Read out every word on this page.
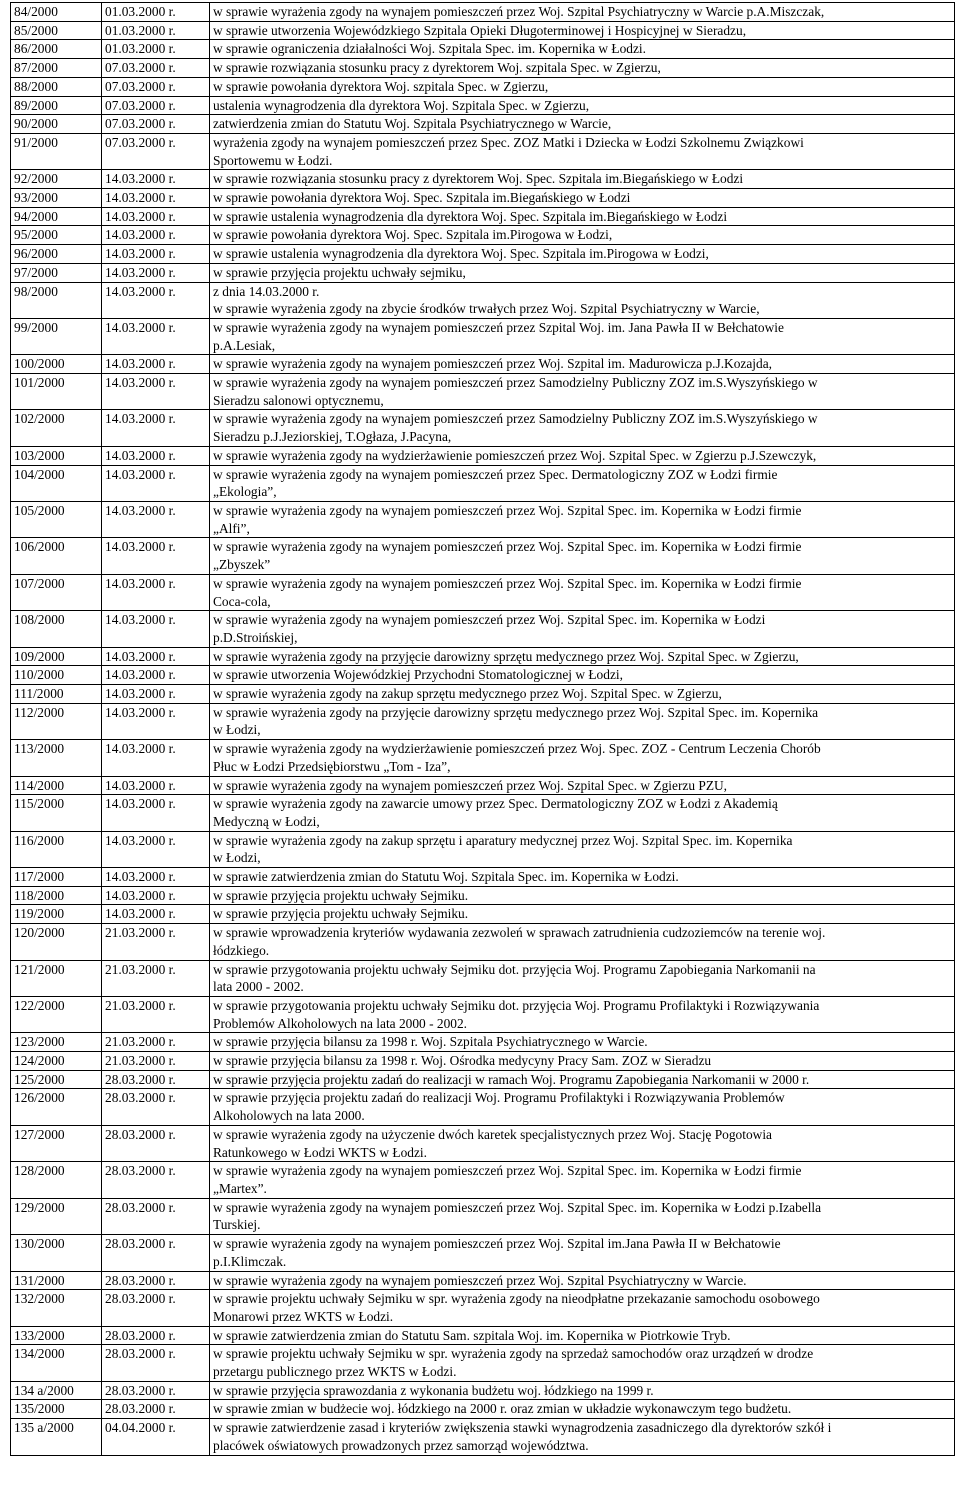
84/2000	01.03.2000 r.	w sprawie wyrażenia zgody na wynajem pomieszczeń przez Woj. Szpital Psychiatryczny w Warcie p.A.Miszczak,

85/2000	01.03.2000 r.	w sprawie utworzenia Wojewódzkiego Szpitala Opieki Długoterminowej i Hospicyjnej w Sieradzu,

86/2000	01.03.2000 r.	w sprawie ograniczenia działalności Woj. Szpitala Spec. im. Kopernika w Łodzi.

87/2000	07.03.2000 r.	w sprawie rozwiązania stosunku pracy z dyrektorem Woj. szpitala Spec. w Zgierzu,

88/2000	07.03.2000 r.	w sprawie powołania dyrektora Woj. szpitala Spec. w Zgierzu,

89/2000	07.03.2000 r.	ustalenia wynagrodzenia dla dyrektora Woj. Szpitala Spec. w Zgierzu,

90/2000	07.03.2000 r.	zatwierdzenia zmian do Statutu Woj. Szpitala Psychiatrycznego w Warcie,

91/2000	07.03.2000 r.	wyrażenia zgody na wynajem pomieszczeń przez Spec. ZOZ Matki i Dziecka w Łodzi Szkolnemu Związkowi
Sportowemu w Łodzi.

92/2000	14.03.2000 r.	w sprawie rozwiązania stosunku pracy z dyrektorem Woj. Spec. Szpitala im.Biegańskiego w Łodzi

93/2000	14.03.2000 r.	w sprawie powołania dyrektora Woj. Spec. Szpitala im.Biegańskiego w Łodzi

94/2000	14.03.2000 r.	w sprawie ustalenia wynagrodzenia dla dyrektora Woj. Spec. Szpitala im.Biegańskiego w Łodzi

95/2000	14.03.2000 r.	w sprawie powołania dyrektora Woj. Spec. Szpitala im.Pirogowa w Łodzi,

96/2000	14.03.2000 r.	w sprawie ustalenia wynagrodzenia dla dyrektora Woj. Spec. Szpitala im.Pirogowa w Łodzi,

97/2000	14.03.2000 r.	w sprawie przyjęcia projektu uchwały sejmiku,

98/2000	14.03.2000 r.	z dnia 14.03.2000 r.
w sprawie wyrażenia zgody na zbycie środków trwałych przez Woj. Szpital Psychiatryczny w Warcie,

99/2000	14.03.2000 r.	w sprawie wyrażenia zgody na wynajem pomieszczeń przez Szpital Woj. im. Jana Pawła II w Bełchatowie
p.A.Lesiak,

100/2000	14.03.2000 r.	w sprawie wyrażenia zgody na wynajem pomieszczeń przez Woj. Szpital im. Madurowicza p.J.Kozajda,

101/2000	14.03.2000 r.	w sprawie wyrażenia zgody na wynajem pomieszczeń przez Samodzielny Publiczny ZOZ im.S.Wyszyńskiego w
Sieradzu salonowi optycznemu,

102/2000	14.03.2000 r.	w sprawie wyrażenia zgody na wynajem pomieszczeń przez Samodzielny Publiczny ZOZ im.S.Wyszyńskiego w
Sieradzu p.J.Jeziorskiej, T.Ogłaza, J.Pacyna,

103/2000	14.03.2000 r.	w sprawie wyrażenia zgody na wydzierżawienie pomieszczeń przez Woj. Szpital Spec. w Zgierzu p.J.Szewczyk,

104/2000	14.03.2000 r.	w sprawie wyrażenia zgody na wynajem pomieszczeń przez Spec. Dermatologiczny ZOZ w Łodzi firmie
„Ekologia”,

105/2000	14.03.2000 r.	w sprawie wyrażenia zgody na wynajem pomieszczeń przez Woj. Szpital Spec. im. Kopernika w Łodzi firmie
„Alfi”,

106/2000	14.03.2000 r.	w sprawie wyrażenia zgody na wynajem pomieszczeń przez Woj. Szpital Spec. im. Kopernika w Łodzi firmie
„Zbyszek”

107/2000	14.03.2000 r.	w sprawie wyrażenia zgody na wynajem pomieszczeń przez Woj. Szpital Spec. im. Kopernika w Łodzi firmie
Coca-cola,

108/2000	14.03.2000 r.	w sprawie wyrażenia zgody na wynajem pomieszczeń przez Woj. Szpital Spec. im. Kopernika w Łodzi
p.D.Stroińskiej,

109/2000	14.03.2000 r.	w sprawie wyrażenia zgody na przyjęcie darowizny sprzętu medycznego przez Woj. Szpital Spec. w Zgierzu,

110/2000	14.03.2000 r.	w sprawie utworzenia Wojewódzkiej Przychodni Stomatologicznej w Łodzi,

111/2000	14.03.2000 r.	w sprawie wyrażenia zgody na zakup sprzętu medycznego przez Woj. Szpital Spec. w Zgierzu,

112/2000	14.03.2000 r.	w sprawie wyrażenia zgody na przyjęcie darowizny sprzętu medycznego przez Woj. Szpital Spec. im. Kopernika
w Łodzi,

113/2000	14.03.2000 r.	w sprawie wyrażenia zgody na wydzierżawienie pomieszczeń przez Woj. Spec. ZOZ - Centrum Leczenia Chorób
Płuc w Łodzi Przedsiębiorstwu „Tom - Iza”,

114/2000	14.03.2000 r.	w sprawie wyrażenia zgody na wynajem pomieszczeń przez Woj. Szpital Spec. w Zgierzu PZU,

115/2000	14.03.2000 r.	w sprawie wyrażenia zgody na zawarcie umowy przez Spec. Dermatologiczny ZOZ w Łodzi z Akademią
Medyczną w Łodzi,

116/2000	14.03.2000 r.	w sprawie wyrażenia zgody na zakup sprzętu i aparatury medycznej przez Woj. Szpital Spec. im. Kopernika
w Łodzi,

117/2000	14.03.2000 r.	w sprawie zatwierdzenia zmian do Statutu Woj. Szpitala Spec. im. Kopernika w Łodzi.

118/2000	14.03.2000 r.	w sprawie przyjęcia projektu uchwały Sejmiku.

119/2000	14.03.2000 r.	w sprawie przyjęcia projektu uchwały Sejmiku.

120/2000	21.03.2000 r.	w sprawie wprowadzenia kryteriów wydawania zezwoleń w sprawach zatrudnienia cudzoziemców na terenie woj.
łódzkiego.

121/2000	21.03.2000 r.	w sprawie przygotowania projektu uchwały Sejmiku dot. przyjęcia Woj. Programu Zapobiegania Narkomanii na
lata 2000 - 2002.

122/2000	21.03.2000 r.	w sprawie przygotowania projektu uchwały Sejmiku dot. przyjęcia Woj. Programu Profilaktyki i Rozwiązywania
Problemów Alkoholowych na lata 2000 - 2002.

123/2000	21.03.2000 r.	w sprawie przyjęcia bilansu za 1998 r. Woj. Szpitala Psychiatrycznego w Warcie.

124/2000	21.03.2000 r.	w sprawie przyjęcia bilansu za 1998 r. Woj. Ośrodka medycyny Pracy Sam. ZOZ w Sieradzu

125/2000	28.03.2000 r.	w sprawie przyjęcia projektu zadań do realizacji w ramach Woj. Programu Zapobiegania Narkomanii w 2000 r.

126/2000	28.03.2000 r.	w sprawie przyjęcia projektu zadań do realizacji Woj. Programu Profilaktyki i Rozwiązywania Problemów
Alkoholowych na lata 2000.

127/2000	28.03.2000 r.	w sprawie wyrażenia zgody na użyczenie dwóch karetek specjalistycznych przez Woj. Stację Pogotowia
Ratunkowego w Łodzi WKTS w Łodzi.

128/2000	28.03.2000 r.	w sprawie wyrażenia zgody na wynajem pomieszczeń przez Woj. Szpital Spec. im. Kopernika w Łodzi firmie
„Martex”.

129/2000	28.03.2000 r.	w sprawie wyrażenia zgody na wynajem pomieszczeń przez Woj. Szpital Spec. im. Kopernika w Łodzi p.Izabella
Turskiej.

130/2000	28.03.2000 r.	w sprawie wyrażenia zgody na wynajem pomieszczeń przez Woj. Szpital im.Jana Pawła II w Bełchatowie
p.I.Klimczak.

131/2000	28.03.2000 r.	w sprawie wyrażenia zgody na wynajem pomieszczeń przez Woj. Szpital Psychiatryczny w Warcie.

132/2000	28.03.2000 r.	w sprawie projektu uchwały Sejmiku w spr. wyrażenia zgody na nieodpłatne przekazanie samochodu osobowego
Monarowi przez WKTS w Łodzi.

133/2000	28.03.2000 r.	w sprawie zatwierdzenia zmian do Statutu Sam. szpitala Woj. im. Kopernika w Piotrkowie Tryb.

134/2000	28.03.2000 r.	w sprawie projektu uchwały Sejmiku w spr. wyrażenia zgody na sprzedaż samochodów oraz urządzeń w drodze
przetargu publicznego przez WKTS w Łodzi.

134 a/2000	28.03.2000 r.	w sprawie przyjęcia sprawozdania z wykonania budżetu woj. łódzkiego na 1999 r.

135/2000	28.03.2000 r.	w sprawie zmian w budżecie woj. łódzkiego na 2000 r. oraz zmian w układzie wykonawczym tego budżetu.

135 a/2000	04.04.2000 r.	w sprawie zatwierdzenie zasad i kryteriów zwiększenia stawki wynagrodzenia zasadniczego dla dyrektorów szkół i
placówek oświatowych prowadzonych przez samorząd województwa.
